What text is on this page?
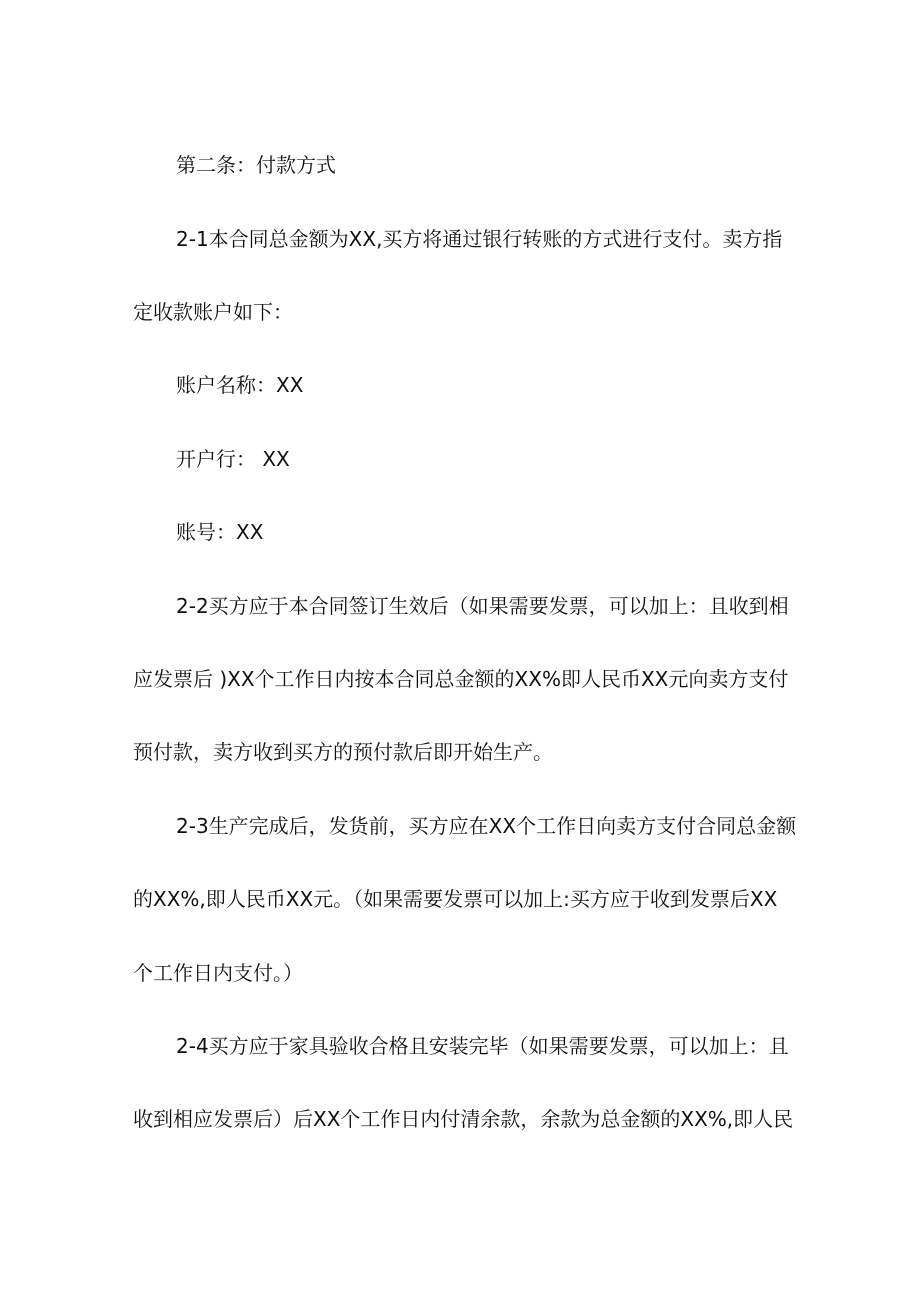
第二条：付款方式
2-1本合同总金额为XX,买方将通过银行转账的方式进行支付。卖方指
定收款账户如下：
账户名称：XX
开户行： XX
账号：XX
2-2买方应于本合同签订生效后（如果需要发票，可以加上：且收到相
应发票后 )XX个工作日内按本合同总金额的XX%即人民币XX元向卖方支付
预付款，卖方收到买方的预付款后即开始生产。
2-3生产完成后，发货前，买方应在XX个工作日向卖方支付合同总金额
的XX%,即人民币XX元。（如果需要发票可以加上:买方应于收到发票后XX
个工作日内支付。）
2-4买方应于家具验收合格且安装完毕（如果需要发票，可以加上：且
收到相应发票后）后XX个工作日内付清余款，余款为总金额的XX%,即人民
